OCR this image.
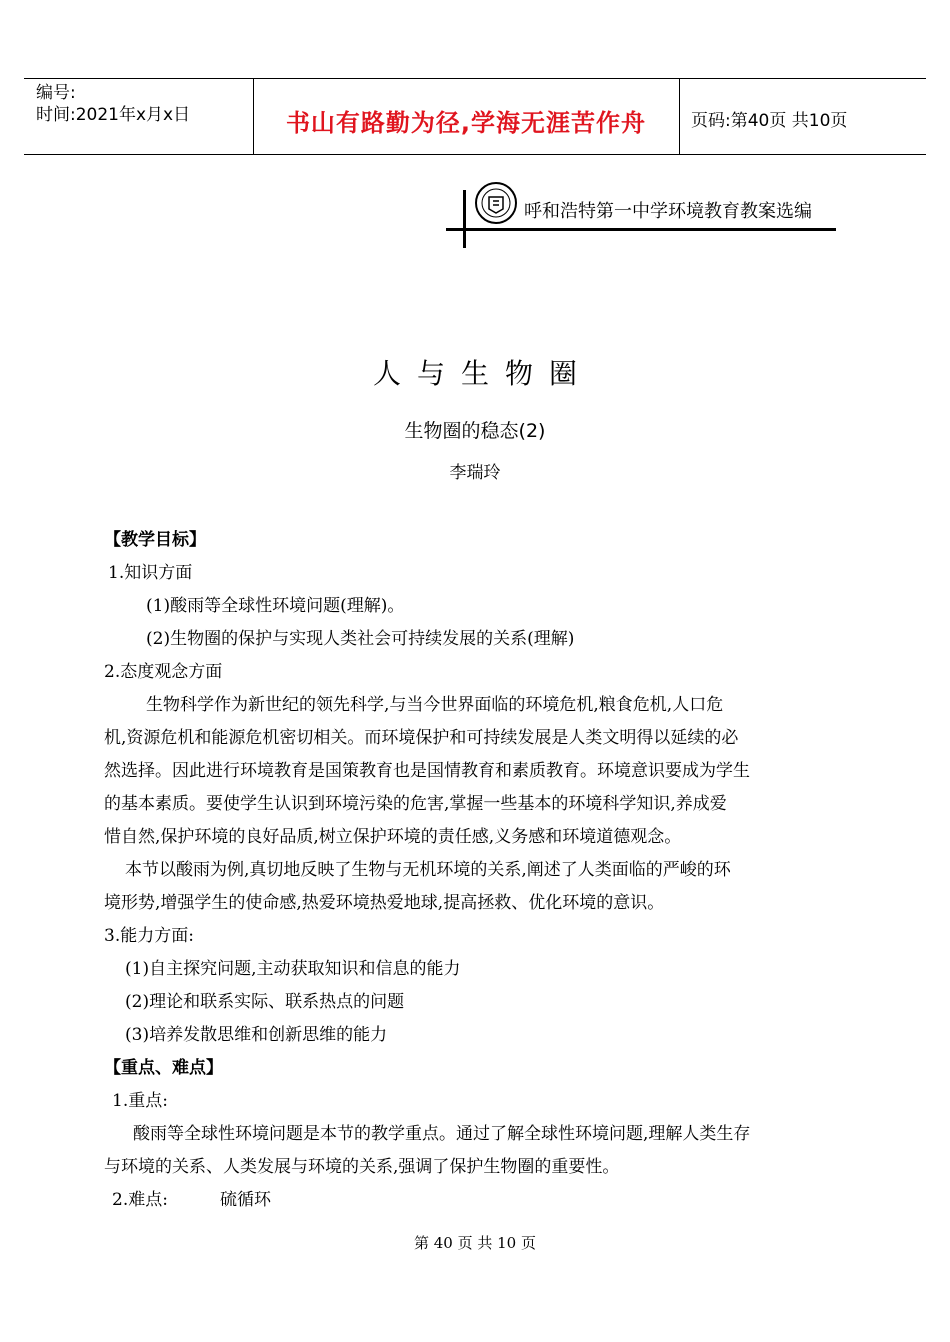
编号:
时间:2021年x月x日	书山有路勤为径,学海无涯苦作舟	页码:第40页 共10页
呼和浩特第一中学环境教育教案选编
人与生物圈
生物圈的稳态(2)
李瑞玲
【教学目标】
1.知识方面
(1)酸雨等全球性环境问题(理解)。
(2)生物圈的保护与实现人类社会可持续发展的关系(理解)
2.态度观念方面
生物科学作为新世纪的领先科学,与当今世界面临的环境危机,粮食危机,人口危
机,资源危机和能源危机密切相关。而环境保护和可持续发展是人类文明得以延续的必
然选择。因此进行环境教育是国策教育也是国情教育和素质教育。环境意识要成为学生
的基本素质。要使学生认识到环境污染的危害,掌握一些基本的环境科学知识,养成爱
惜自然,保护环境的良好品质,树立保护环境的责任感,义务感和环境道德观念。
本节以酸雨为例,真切地反映了生物与无机环境的关系,阐述了人类面临的严峻的环
境形势,增强学生的使命感,热爱环境热爱地球,提高拯救、优化环境的意识。
3.能力方面:
(1)自主探究问题,主动获取知识和信息的能力
(2)理论和联系实际、联系热点的问题
(3)培养发散思维和创新思维的能力
【重点、难点】
1.重点:
酸雨等全球性环境问题是本节的教学重点。通过了解全球性环境问题,理解人类生存
与环境的关系、人类发展与环境的关系,强调了保护生物圈的重要性。
2.难点:	硫循环
第 40 页 共 10 页
